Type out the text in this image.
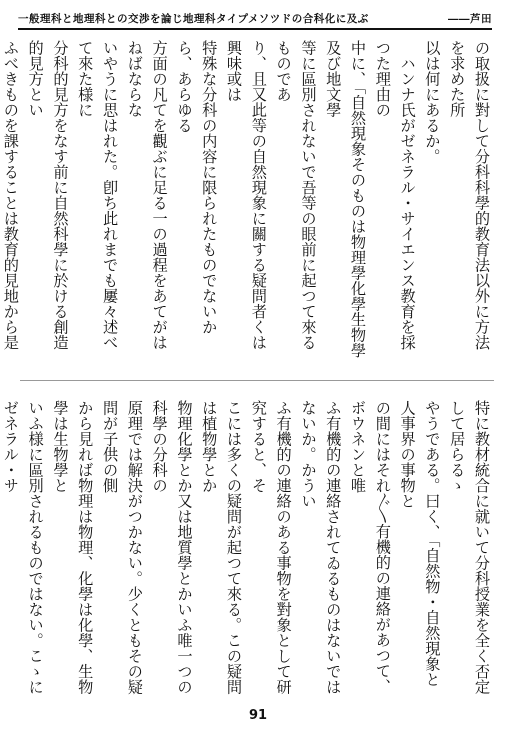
一般理科と地理科との交渉を論じ地理科タイプメソツドの合科化に及ぶ	――芦田
の取扱に對して分科科學的教育法以外に方法を求めた所
以は何にあるか。
　ハンナ氏がゼネラル・サイエンス教育を採つた理由の
中に、「自然現象そのものは物理學化學生物學及び地文學
等に區別されないで吾等の眼前に起つて來るものであ
り、且又此等の自然現象に關する疑問者くは興味或は
特殊な分科の内容に限られたものでないから、あらゆる
方面の凡てを觀ぶに足る一の過程をあてがはねばならな
いやうに思はれた。卽ち此れまでも屢々述べて來た様に
分科的見方をなす前に自然科學に於ける創造的見方とい
ふべきものを課することは教育的見地から是
特に教材統合に就いて分科授業を全く否定して居らるゝ
やうである。曰く、「自然物・自然現象と人事界の事物と
の間にはそれ〴〵有機的の連絡があつて、ボウネンと唯
ふ有機的の連絡されてゐるものはないではないか。かうい
ふ有機的の連絡のある事物を對象として研究すると、そ
こには多くの疑問が起つて來る。この疑問は植物學とか
物理化學とか又は地質學とかいふ唯一つの科學の分科の
原理では解決がつかない。少くともその疑問が子供の側
から見れば物理は物理、化學は化學、生物學は生物學と
いふ様に區別されるものではない。こゝにゼネラル・サ
91
